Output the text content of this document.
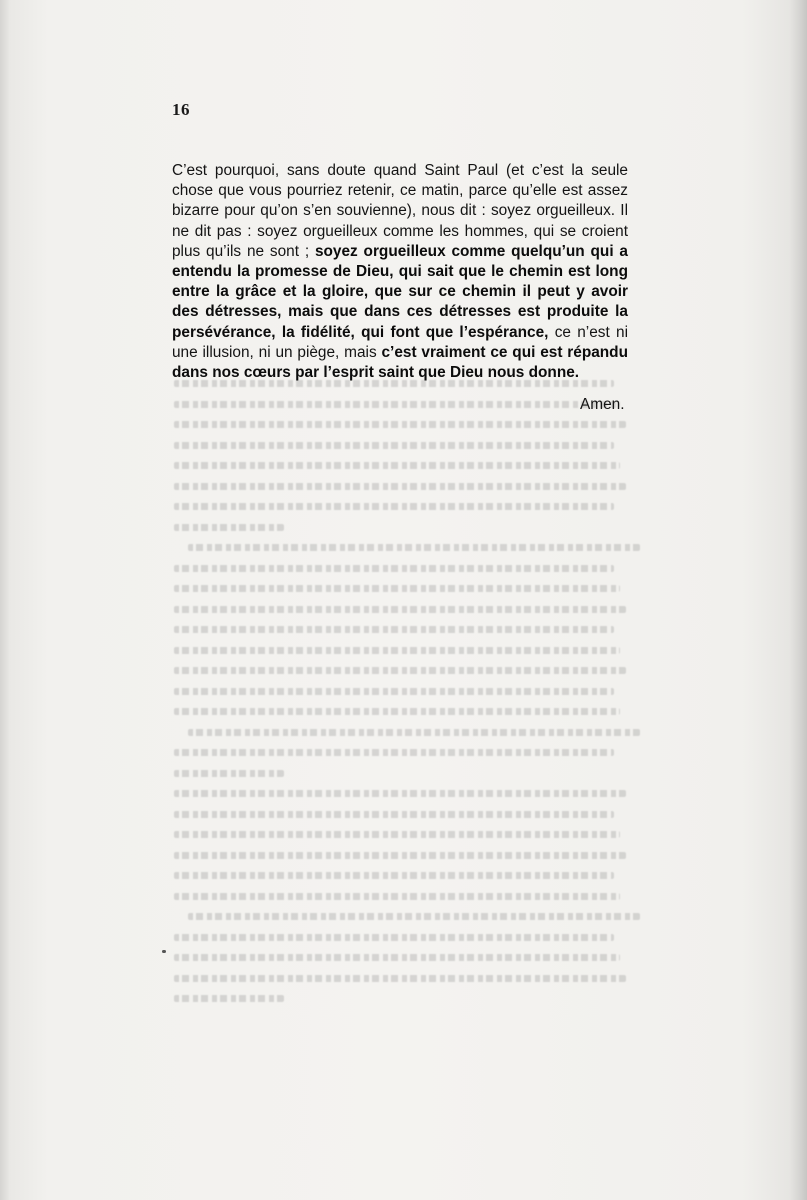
16

C’est pourquoi, sans doute quand Saint Paul (et c’est la seule chose que vous pourriez retenir, ce matin, parce qu’elle est assez bizarre pour qu’on s’en souvienne), nous dit : soyez orgueilleux. Il ne dit pas : soyez orgueilleux comme les hommes, qui se croient plus qu’ils ne sont ; soyez orgueilleux comme quelqu’un qui a entendu la promesse de Dieu, qui sait que le chemin est long entre la grâce et la gloire, que sur ce chemin il peut y avoir des détresses, mais que dans ces détresses est produite la persévérance, la fidélité, qui font que l’espérance, ce n’est ni une illusion, ni un piège, mais c’est vraiment ce qui est répandu dans nos cœurs par l’esprit saint que Dieu nous donne.

Amen.
